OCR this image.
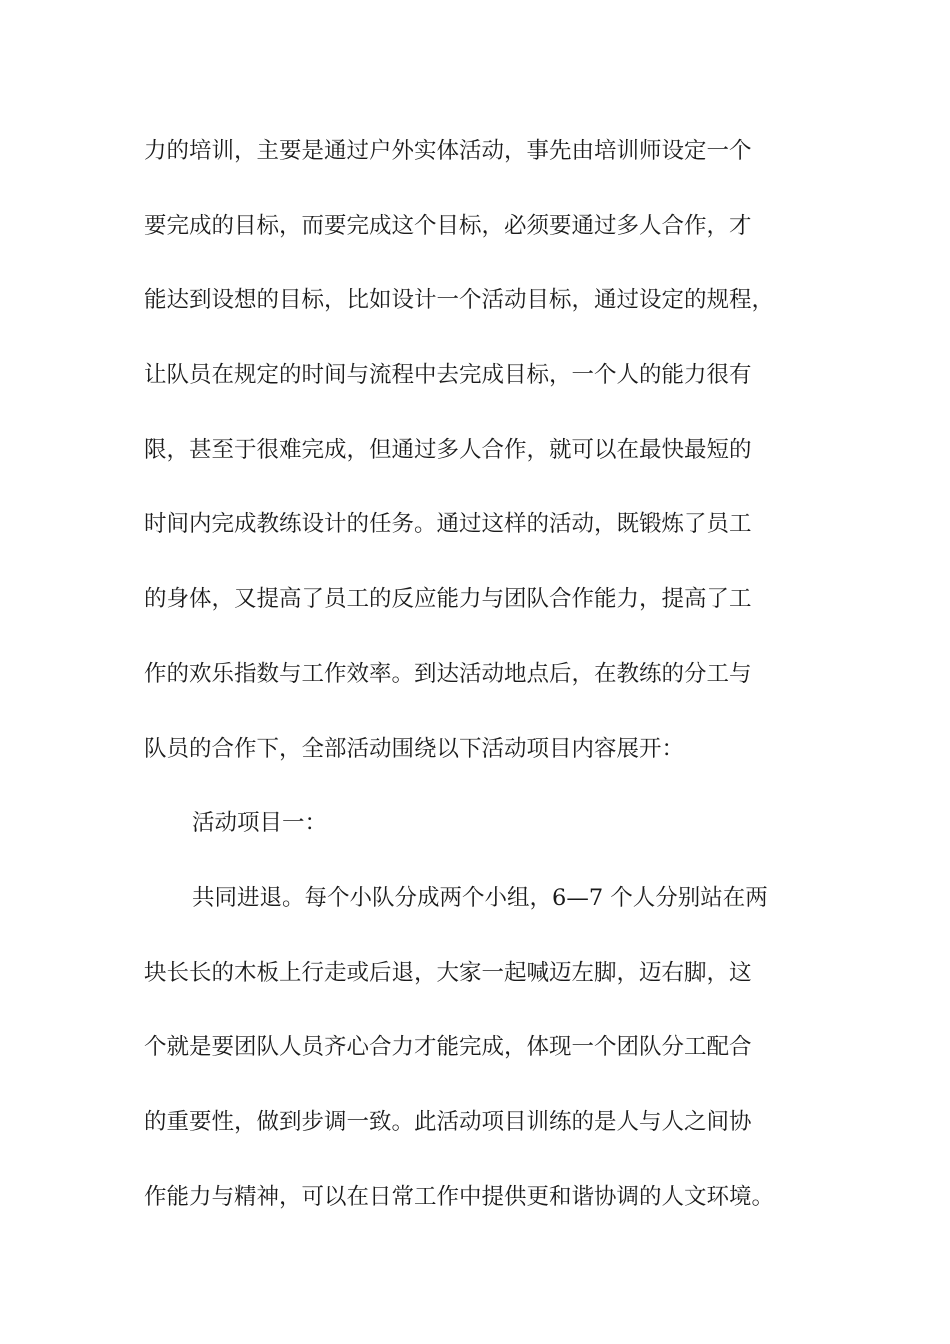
力的培训，主要是通过户外实体活动，事先由培训师设定一个
要完成的目标，而要完成这个目标，必须要通过多人合作，才
能达到设想的目标，比如设计一个活动目标，通过设定的规程，
让队员在规定的时间与流程中去完成目标，一个人的能力很有
限，甚至于很难完成，但通过多人合作，就可以在最快最短的
时间内完成教练设计的任务。通过这样的活动，既锻炼了员工
的身体，又提高了员工的反应能力与团队合作能力，提高了工
作的欢乐指数与工作效率。到达活动地点后，在教练的分工与
队员的合作下，全部活动围绕以下活动项目内容展开：
活动项目一：
共同进退。每个小队分成两个小组，6—7 个人分别站在两
块长长的木板上行走或后退，大家一起喊迈左脚，迈右脚，这
个就是要团队人员齐心合力才能完成，体现一个团队分工配合
的重要性，做到步调一致。此活动项目训练的是人与人之间协
作能力与精神，可以在日常工作中提供更和谐协调的人文环境。
